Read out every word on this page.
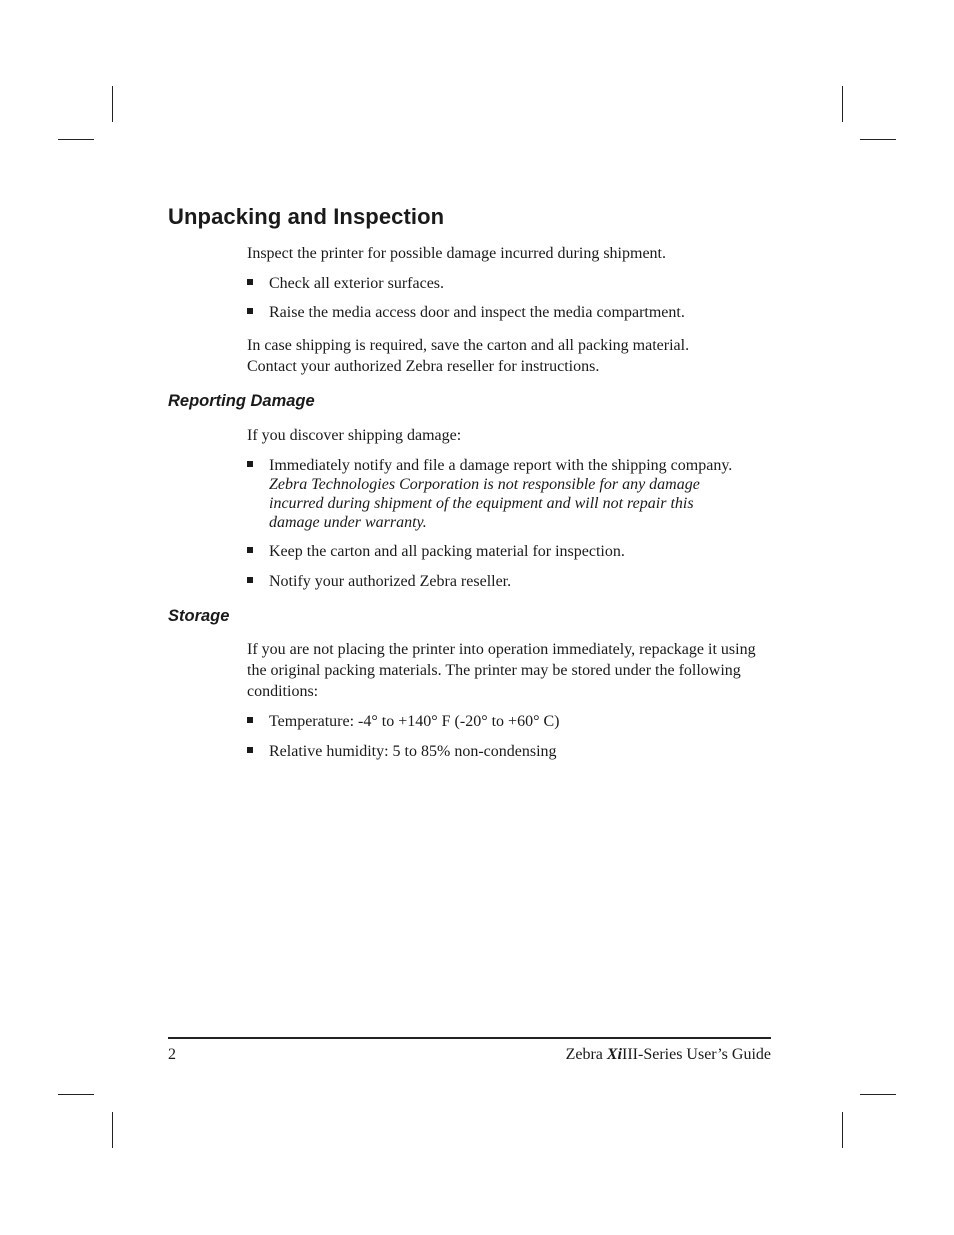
Unpacking and Inspection

Inspect the printer for possible damage incurred during shipment.

Check all exterior surfaces.
Raise the media access door and inspect the media compartment.

In case shipping is required, save the carton and all packing material.
Contact your authorized Zebra reseller for instructions.

Reporting Damage

If you discover shipping damage:

Immediately notify and file a damage report with the shipping company.
Zebra Technologies Corporation is not responsible for any damage incurred during shipment of the equipment and will not repair this damage under warranty.
Keep the carton and all packing material for inspection.
Notify your authorized Zebra reseller.
Storage

If you are not placing the printer into operation immediately, repackage it using the original packing materials. The printer may be stored under the following conditions:

Temperature: -4° to +140° F (-20° to +60° C)
Relative humidity: 5 to 85% non-condensing
2	Zebra XiIII-Series User’s Guide
